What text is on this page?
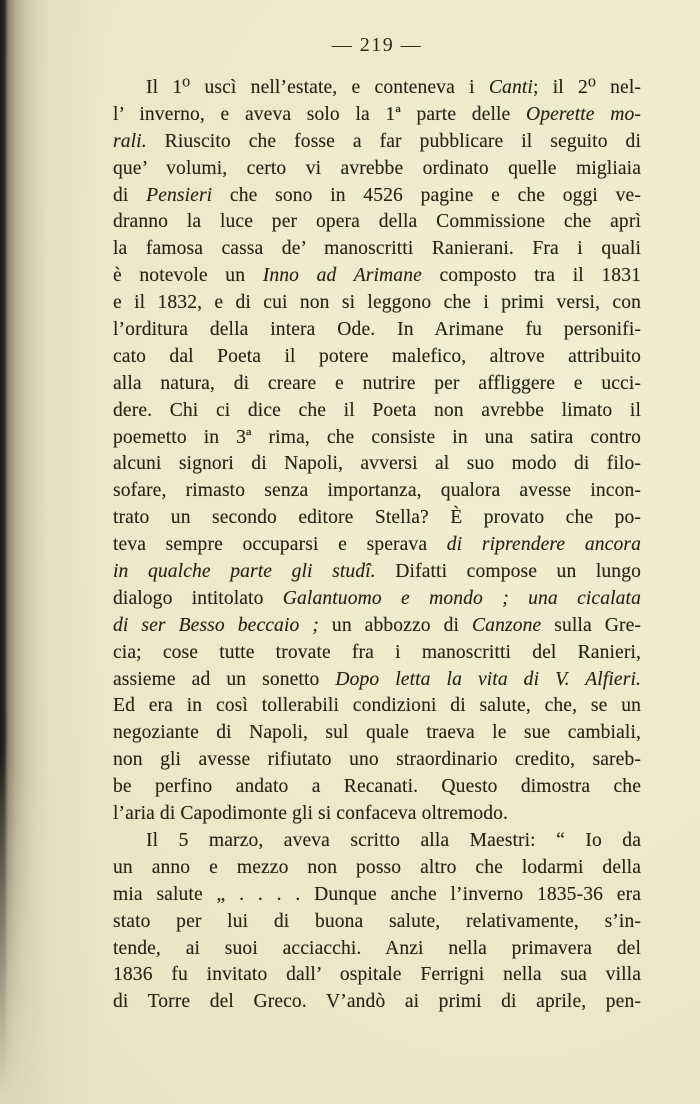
— 219 —
Il 1⁰ uscì nell’estate, e conteneva i Canti; il 2⁰ nel-
l’ inverno, e aveva solo la 1ª parte delle Operette mo-
rali. Riuscito che fosse a far pubblicare il seguito di
que’ volumi, certo vi avrebbe ordinato quelle migliaia
di Pensieri che sono in 4526 pagine e che oggi ve-
dranno la luce per opera della Commissione che aprì
la famosa cassa de’ manoscritti Ranierani. Fra i quali
è notevole un Inno ad Arimane composto tra il 1831
e il 1832, e di cui non si leggono che i primi versi, con
l’orditura della intera Ode. In Arimane fu personifi-
cato dal Poeta il potere malefico, altrove attribuito
alla natura, di creare e nutrire per affliggere e ucci-
dere. Chi ci dice che il Poeta non avrebbe limato il
poemetto in 3ª rima, che consiste in una satira contro
alcuni signori di Napoli, avversi al suo modo di filo-
sofare, rimasto senza importanza, qualora avesse incon-
trato un secondo editore Stella? È provato che po-
teva sempre occuparsi e sperava di riprendere ancora
in qualche parte gli studî. Difatti compose un lungo
dialogo intitolato Galantuomo e mondo ; una cicalata
di ser Besso beccaio ; un abbozzo di Canzone sulla Gre-
cia; cose tutte trovate fra i manoscritti del Ranieri,
assieme ad un sonetto Dopo letta la vita di V. Alfieri.
Ed era in così tollerabili condizioni di salute, che, se un
negoziante di Napoli, sul quale traeva le sue cambiali,
non gli avesse rifiutato uno straordinario credito, sareb-
be perfino andato a Recanati. Questo dimostra che
l’aria di Capodimonte gli si confaceva oltremodo.
Il 5 marzo, aveva scritto alla Maestri: “ Io da
un anno e mezzo non posso altro che lodarmi della
mia salute „ . . . . Dunque anche l’inverno 1835-36 era
stato per lui di buona salute, relativamente, s’in-
tende, ai suoi acciacchi. Anzi nella primavera del
1836 fu invitato dall’ ospitale Ferrigni nella sua villa
di Torre del Greco. V’andò ai primi di aprile, pen-
